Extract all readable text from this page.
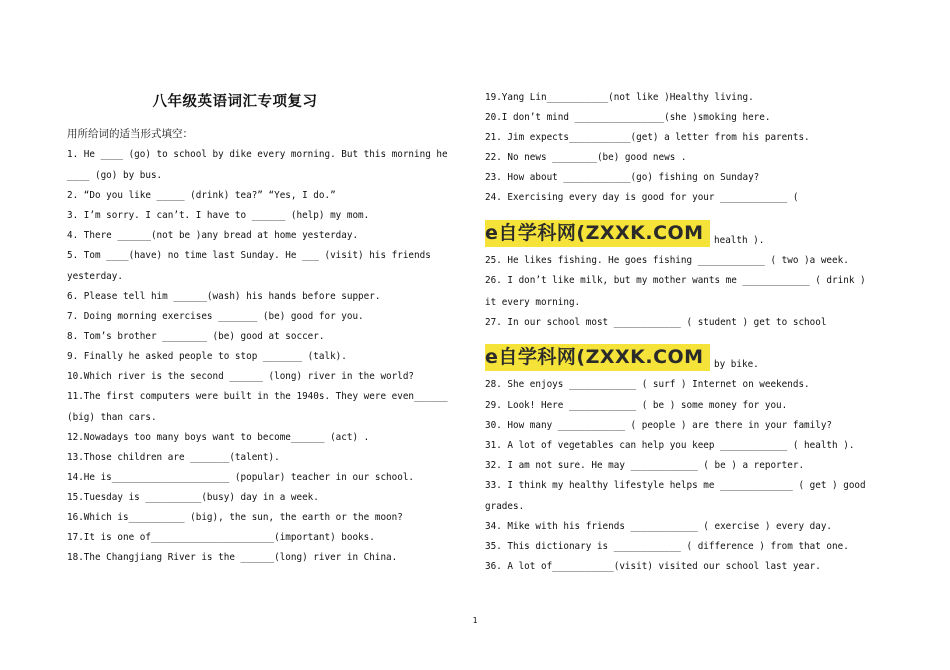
八年级英语词汇专项复习
用所给词的适当形式填空：
1. He ____ (go) to school by dike every morning. But this morning he
____ (go) by bus.
2. “Do you like _____ (drink) tea?” “Yes, I do.”
3. I’m sorry. I can’t. I have to ______ (help) my mom.
4. There ______(not be )any bread at home yesterday.
5. Tom ____(have) no time last Sunday. He ___ (visit) his friends
yesterday.
6. Please tell him ______(wash) his hands before supper.
7. Doing morning exercises _______ (be) good for you.
8. Tom’s brother ________ (be) good at soccer.
9. Finally he asked people to stop _______ (talk).
10.Which river is the second ______ (long) river in the world?
11.The first computers were built in the 1940s. They were even______
(big) than cars.
12.Nowadays too many boys want to become______ (act) .
13.Those children are _______(talent).
14.He is_____________________ (popular) teacher in our school.
15.Tuesday is __________(busy) day in a week.
16.Which is__________ (big), the sun, the earth or the moon?
17.It is one of______________________(important) books.
18.The Changjiang River is the ______(long) river in China.
19.Yang Lin___________(not like )Healthy living.
20.I don’t mind ________________(she )smoking here.
21. Jim expects___________(get) a letter from his parents.
22. No news ________(be) good news .
23. How about ____________(go) fishing on Sunday?
24. Exercising every day is good for your ____________ (
e自学科网(ZXXK.COM	health ).
25. He likes fishing. He goes fishing ____________ ( two )a week.
26. I don’t like milk, but my mother wants me ____________ ( drink )
it every morning.
27. In our school most ____________ ( student ) get to school
e自学科网(ZXXK.COM	by bike.
28. She enjoys ____________ ( surf ) Internet on weekends.
29. Look! Here ____________ ( be ) some money for you.
30. How many ____________ ( people ) are there in your family?
31. A lot of vegetables can help you keep ____________ ( health ).
32. I am not sure. He may ____________ ( be ) a reporter.
33. I think my healthy lifestyle helps me _____________ ( get ) good
grades.
34. Mike with his friends ____________ ( exercise ) every day.
35. This dictionary is ____________ ( difference ) from that one.
36. A lot of___________(visit) visited our school last year.
1
